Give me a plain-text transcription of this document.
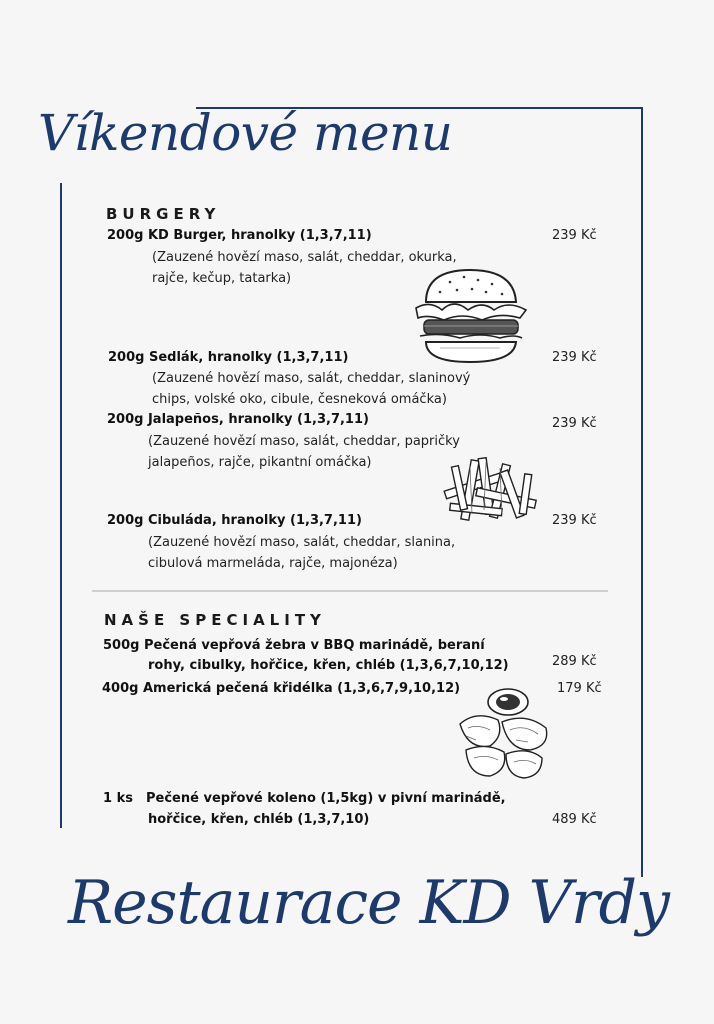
Víkendové menu
BURGERY
200g KD Burger, hranolky (1,3,7,11)	239 Kč
(Zauzené hovězí maso, salát, cheddar, okurka,
rajče, kečup, tatarka)
200g Sedlák, hranolky (1,3,7,11)	239 Kč
(Zauzené hovězí maso, salát, cheddar, slaninový
chips, volské oko, cibule, česneková omáčka)
200g Jalapeños, hranolky (1,3,7,11)	239 Kč
(Zauzené hovězí maso, salát, cheddar, papričky
jalapeños, rajče, pikantní omáčka)
200g Cibuláda, hranolky (1,3,7,11)	239 Kč
(Zauzené hovězí maso, salát, cheddar, slanina,
cibulová marmeláda, rajče, majonéza)
NAŠE SPECIALITY
500g Pečená vepřová žebra v BBQ marinádě, beraní
rohy, cibulky, hořčice, křen, chléb (1,3,6,7,10,12)	289 Kč
400g Americká pečená křidélka (1,3,6,7,9,10,12)	179 Kč
1 ks Pečené vepřové koleno (1,5kg) v pivní marinádě,
hořčice, křen, chléb (1,3,7,10)	489 Kč
Restaurace KD Vrdy
